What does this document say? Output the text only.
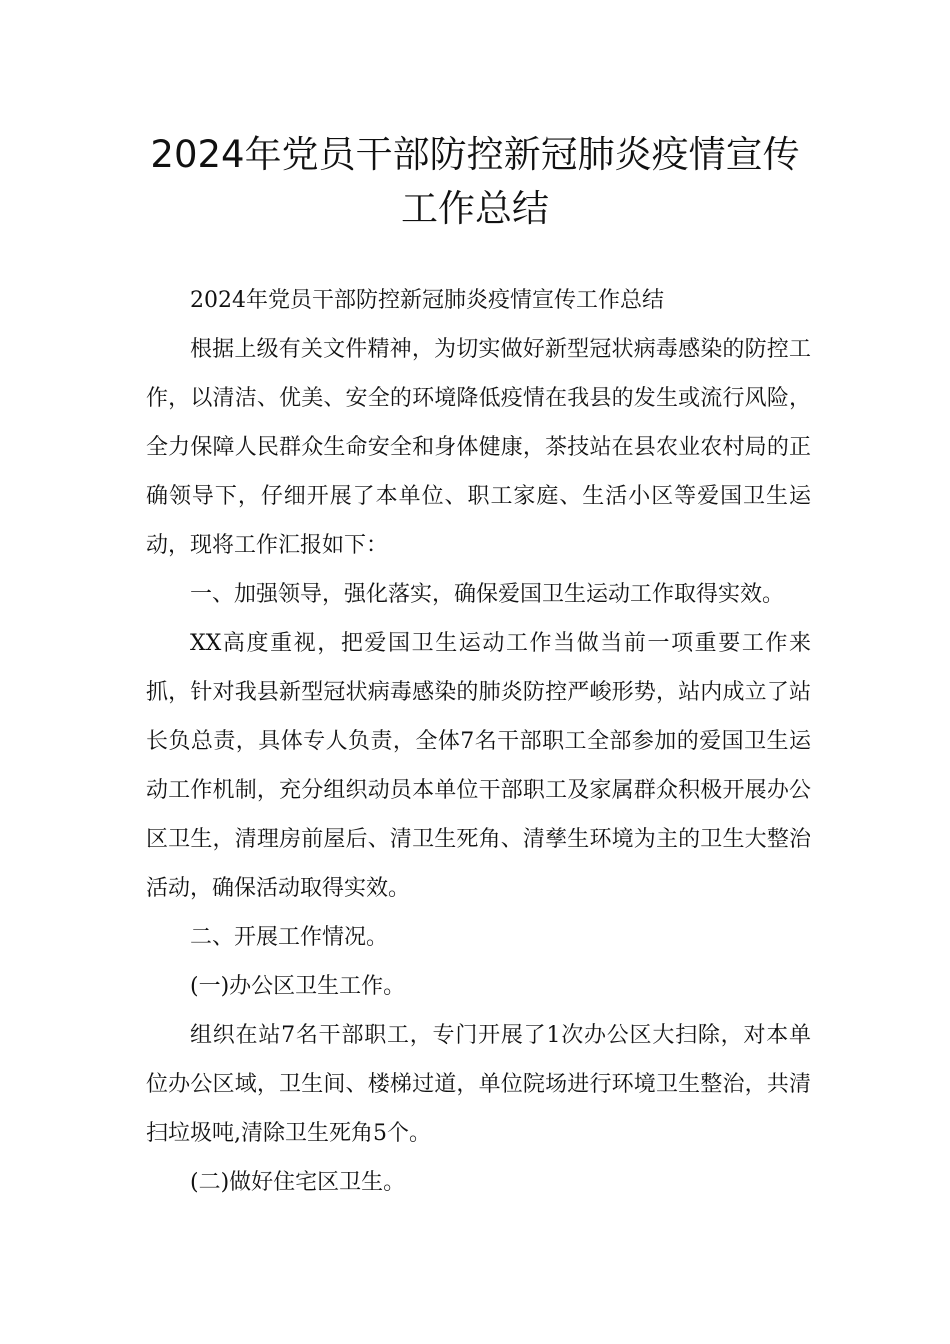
2024年党员干部防控新冠肺炎疫情宣传
工作总结

2024年党员干部防控新冠肺炎疫情宣传工作总结

根据上级有关文件精神，为切实做好新型冠状病毒感染的防控工作，以清洁、优美、安全的环境降低疫情在我县的发生或流行风险，全力保障人民群众生命安全和身体健康，茶技站在县农业农村局的正确领导下，仔细开展了本单位、职工家庭、生活小区等爱国卫生运动，现将工作汇报如下：

一、加强领导，强化落实，确保爱国卫生运动工作取得实效。

XX高度重视，把爱国卫生运动工作当做当前一项重要工作来抓，针对我县新型冠状病毒感染的肺炎防控严峻形势，站内成立了站长负总责，具体专人负责，全体7名干部职工全部参加的爱国卫生运动工作机制，充分组织动员本单位干部职工及家属群众积极开展办公区卫生，清理房前屋后、清卫生死角、清孳生环境为主的卫生大整治活动，确保活动取得实效。

二、开展工作情况。

(一)办公区卫生工作。

组织在站7名干部职工，专门开展了1次办公区大扫除，对本单位办公区域，卫生间、楼梯过道，单位院场进行环境卫生整治，共清扫垃圾吨,清除卫生死角5个。

(二)做好住宅区卫生。
